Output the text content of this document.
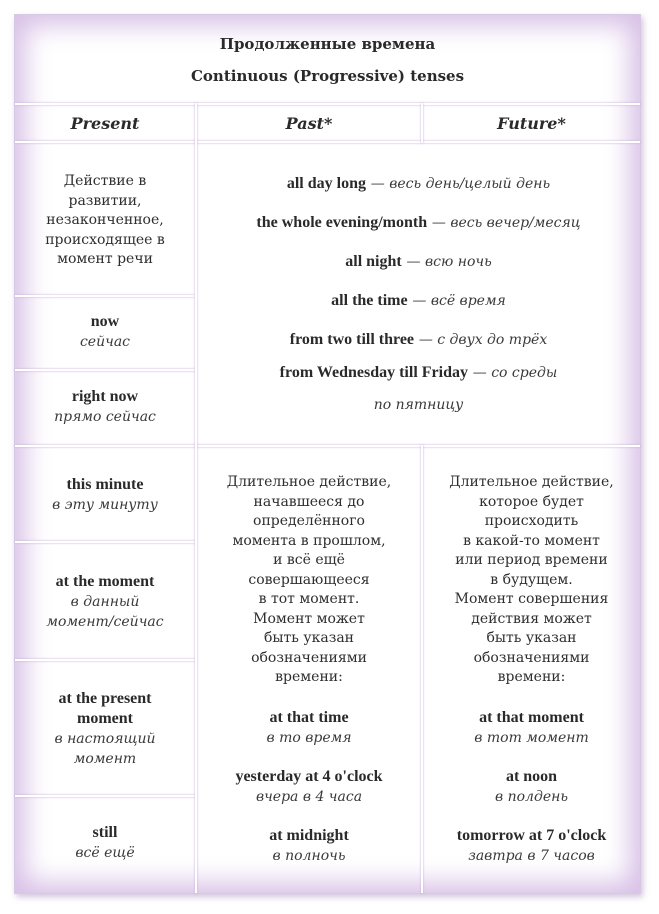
Продолженные времена
Continuous (Progressive) tenses
Present	Past*	Future*
Действие в
развитии,
незаконченное,
происходящее в
момент речи
now
сейчас
right now
прямо сейчас
this minute
в эту минуту
at the moment
в данный
момент/сейчас
at the present
moment
в настоящий
момент
still
всё ещё
all day long — весь день/целый день
the whole evening/month — весь вечер/месяц
all night — всю ночь
all the time — всё время
from two till three — с двух до трёх
from Wednesday till Friday — со среды
по пятницу
Длительное действие,
начавшееся до
определённого
момента в прошлом,
и всё ещё
совершающееся
в тот момент.
Момент может
быть указан
обозначениями
времени:
at that time
в то время
yesterday at 4 o'clock
вчера в 4 часа
at midnight
в полночь
Длительное действие,
которое будет
происходить
в какой-то момент
или период времени
в будущем.
Момент совершения
действия может
быть указан
обозначениями
времени:
at that moment
в тот момент
at noon
в полдень
tomorrow at 7 o'clock
завтра в 7 часов
